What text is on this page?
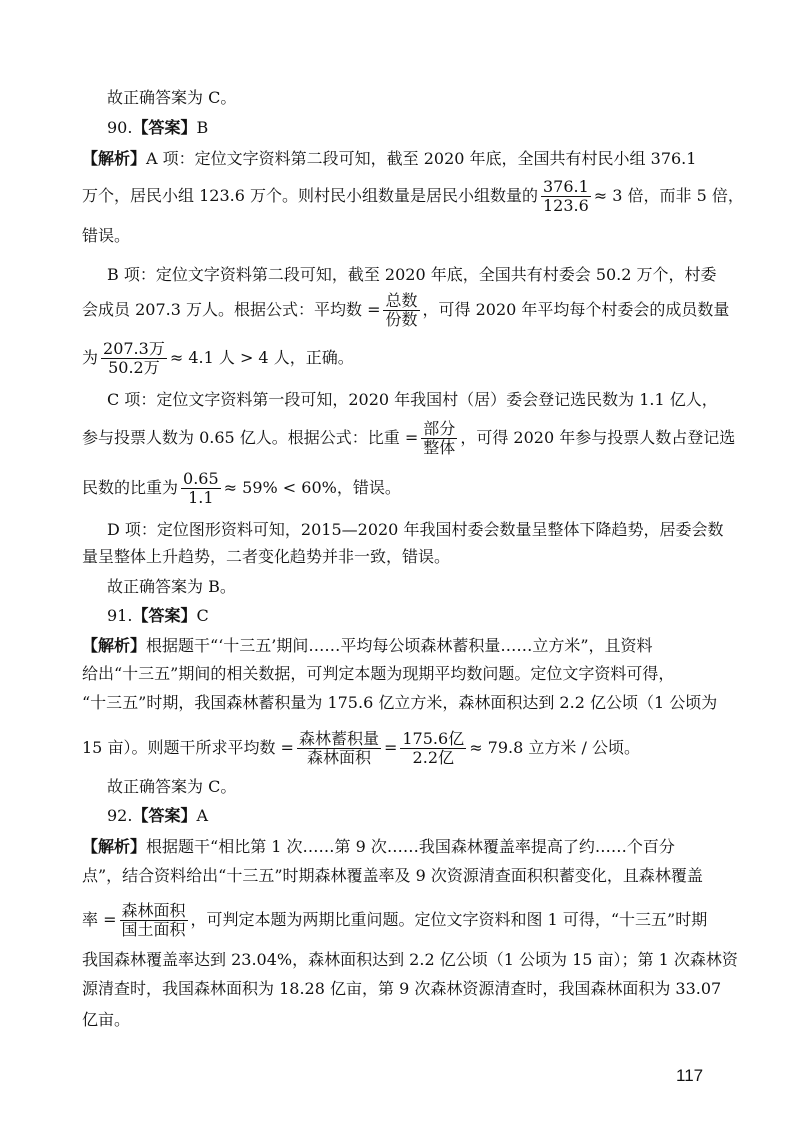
故正确答案为 C。
90.【答案】B
【解析】A 项：定位文字资料第二段可知，截至 2020 年底，全国共有村民小组 376.1
万个，居民小组 123.6 万个。则村民小组数量是居民小组数量的 $\frac{376.1}{123.6} \approx 3$ 倍，而非 5 倍，
错误。
B 项：定位文字资料第二段可知，截至 2020 年底，全国共有村委会 50.2 万个，村委
会成员 207.3 万人。根据公式：平均数 = $\frac{\text{总数}}{\text{份数}}$ ，可得 2020 年平均每个村委会的成员数量
为 $\frac{\text{207.3万}}{\text{50.2万}} \approx 4.1$ 人 > 4 人，正确。
C 项：定位文字资料第一段可知，2020 年我国村（居）委会登记选民数为 1.1 亿人，
参与投票人数为 0.65 亿人。根据公式：比重 = $\frac{\text{部分}}{\text{整体}}$ ，可得 2020 年参与投票人数占登记选
民数的比重为 $\frac{0.65}{1.1} \approx 59\% < 60\%$，错误。
D 项：定位图形资料可知，2015—2020 年我国村委会数量呈整体下降趋势，居委会数
量呈整体上升趋势，二者变化趋势并非一致，错误。
故正确答案为 B。
91.【答案】C
【解析】根据题干“‘十三五’期间……平均每公顷森林蓄积量……立方米”，且资料
给出“十三五”期间的相关数据，可判定本题为现期平均数问题。定位文字资料可得，
“十三五”时期，我国森林蓄积量为 175.6 亿立方米，森林面积达到 2.2 亿公顷（1 公顷为
15 亩）。则题干所求平均数 = $\frac{\text{森林蓄积量}}{\text{森林面积}} = \frac{\text{175.6亿}}{\text{2.2亿}} \approx 79.8$ 立方米 / 公顷。
故正确答案为 C。
92.【答案】A
【解析】根据题干“相比第 1 次……第 9 次……我国森林覆盖率提高了约……个百分
点”，结合资料给出“十三五”时期森林覆盖率及 9 次资源清查面积积蓄变化，且森林覆盖
率 = $\frac{\text{森林面积}}{\text{国土面积}}$ ，可判定本题为两期比重问题。定位文字资料和图 1 可得，“十三五”时期
我国森林覆盖率达到 23.04%，森林面积达到 2.2 亿公顷（1 公顷为 15 亩）；第 1 次森林资
源清查时，我国森林面积为 18.28 亿亩，第 9 次森林资源清查时，我国森林面积为 33.07
亿亩。
117
